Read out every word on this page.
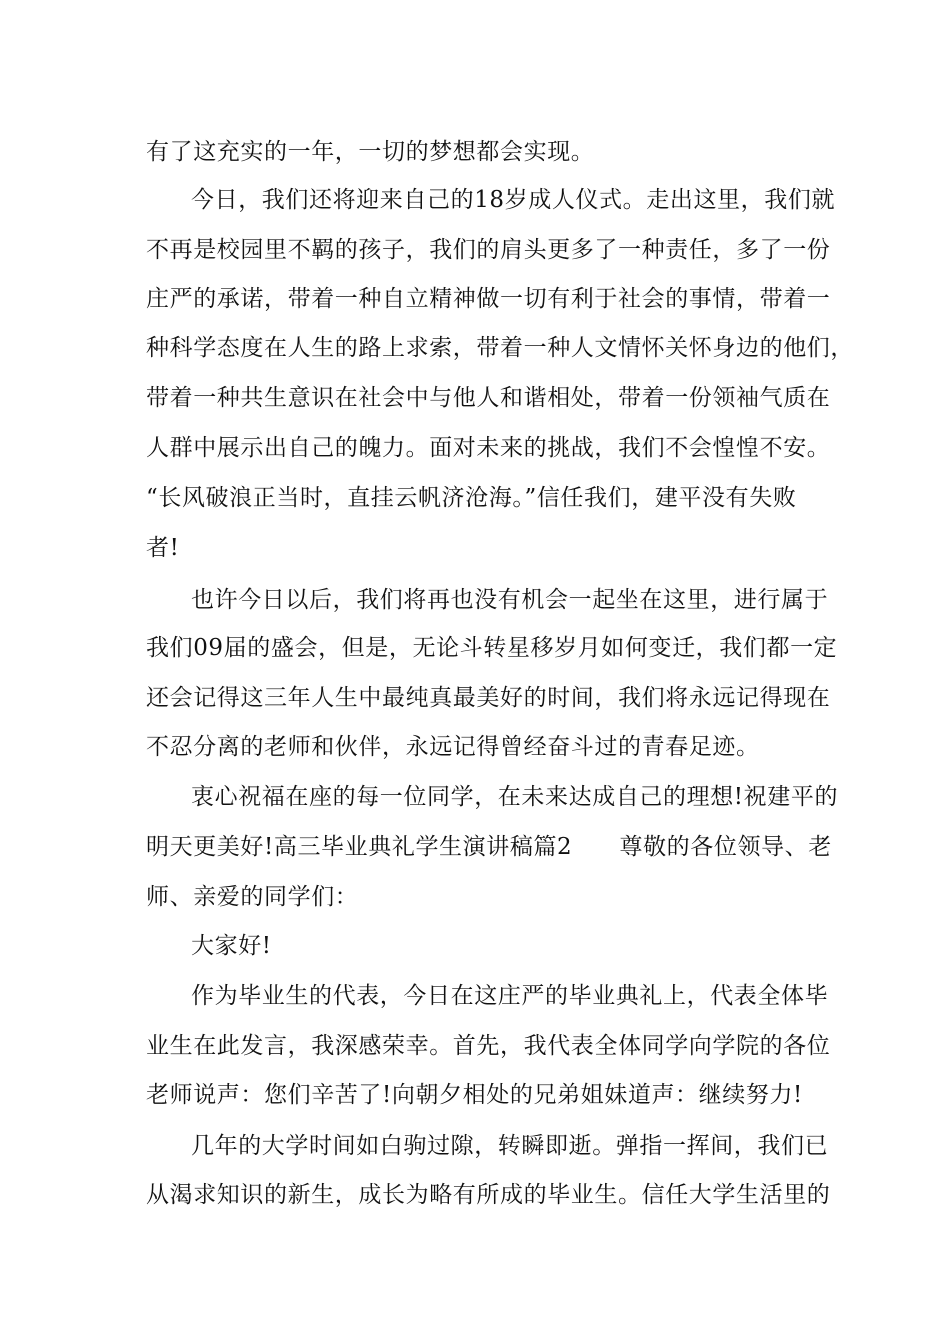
有了这充实的一年，一切的梦想都会实现。
今日，我们还将迎来自己的18岁成人仪式。走出这里，我们就
不再是校园里不羁的孩子，我们的肩头更多了一种责任，多了一份
庄严的承诺，带着一种自立精神做一切有利于社会的事情，带着一
种科学态度在人生的路上求索，带着一种人文情怀关怀身边的他们，
带着一种共生意识在社会中与他人和谐相处，带着一份领袖气质在
人群中展示出自己的魄力。面对未来的挑战，我们不会惶惶不安。
“长风破浪正当时，直挂云帆济沧海。”信任我们，建平没有失败
者!
也许今日以后，我们将再也没有机会一起坐在这里，进行属于
我们09届的盛会，但是，无论斗转星移岁月如何变迁，我们都一定
还会记得这三年人生中最纯真最美好的时间，我们将永远记得现在
不忍分离的老师和伙伴，永远记得曾经奋斗过的青春足迹。
衷心祝福在座的每一位同学，在未来达成自己的理想!祝建平的
明天更美好!高三毕业典礼学生演讲稿篇2　　尊敬的各位领导、老
师、亲爱的同学们：
大家好!
作为毕业生的代表，今日在这庄严的毕业典礼上，代表全体毕
业生在此发言，我深感荣幸。首先，我代表全体同学向学院的各位
老师说声：您们辛苦了!向朝夕相处的兄弟姐妹道声：继续努力!
几年的大学时间如白驹过隙，转瞬即逝。弹指一挥间，我们已
从渴求知识的新生，成长为略有所成的毕业生。信任大学生活里的
